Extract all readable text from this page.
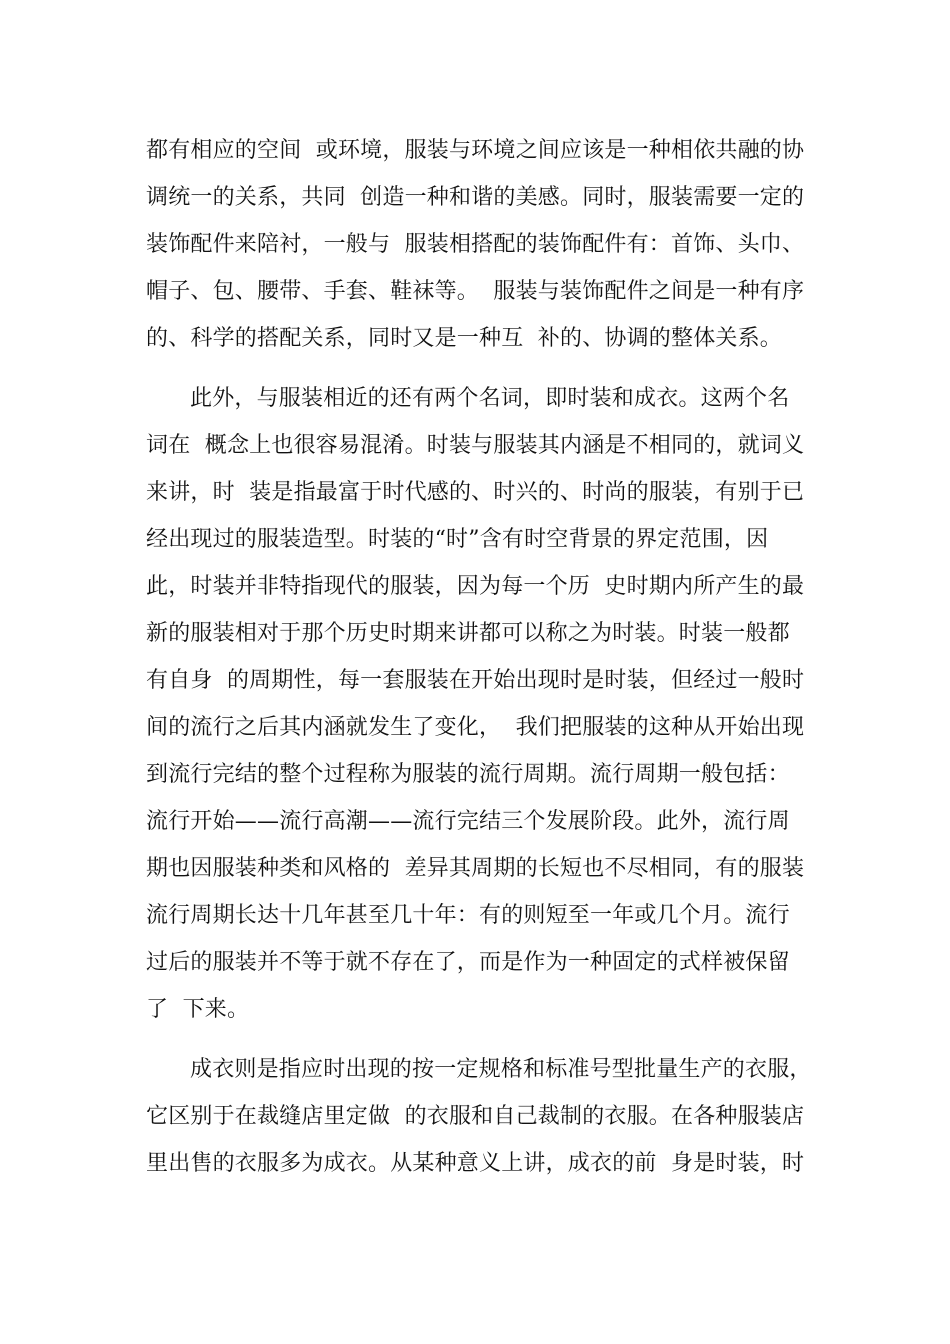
都有相应的空间  或环境，服装与环境之间应该是一种相依共融的协
调统一的关系，共同  创造一种和谐的美感。同时，服装需要一定的
装饰配件来陪衬，一般与  服装相搭配的装饰配件有：首饰、头巾、
帽子、包、腰带、手套、鞋袜等。  服装与装饰配件之间是一种有序
的、科学的搭配关系，同时又是一种互  补的、协调的整体关系。
此外，与服装相近的还有两个名词，即时装和成衣。这两个名
词在  概念上也很容易混淆。时装与服装其内涵是不相同的，就词义
来讲，时  装是指最富于时代感的、时兴的、时尚的服装，有别于已
经出现过的服装造型。时装的“时”含有时空背景的界定范围，因
此，时装并非特指现代的服装，因为每一个历  史时期内所产生的最
新的服装相对于那个历史时期来讲都可以称之为时装。时装一般都
有自身  的周期性，每一套服装在开始出现时是时装，但经过一般时
间的流行之后其内涵就发生了变化，  我们把服装的这种从开始出现
到流行完结的整个过程称为服装的流行周期。流行周期一般包括：
流行开始——流行高潮——流行完结三个发展阶段。此外，流行周
期也因服装种类和风格的  差异其周期的长短也不尽相同，有的服装
流行周期长达十几年甚至几十年：有的则短至一年或几个月。流行
过后的服装并不等于就不存在了，而是作为一种固定的式样被保留
了  下来。
成衣则是指应时出现的按一定规格和标准号型批量生产的衣服，
它区别于在裁缝店里定做  的衣服和自己裁制的衣服。在各种服装店
里出售的衣服多为成衣。从某种意义上讲，成衣的前  身是时装，时
